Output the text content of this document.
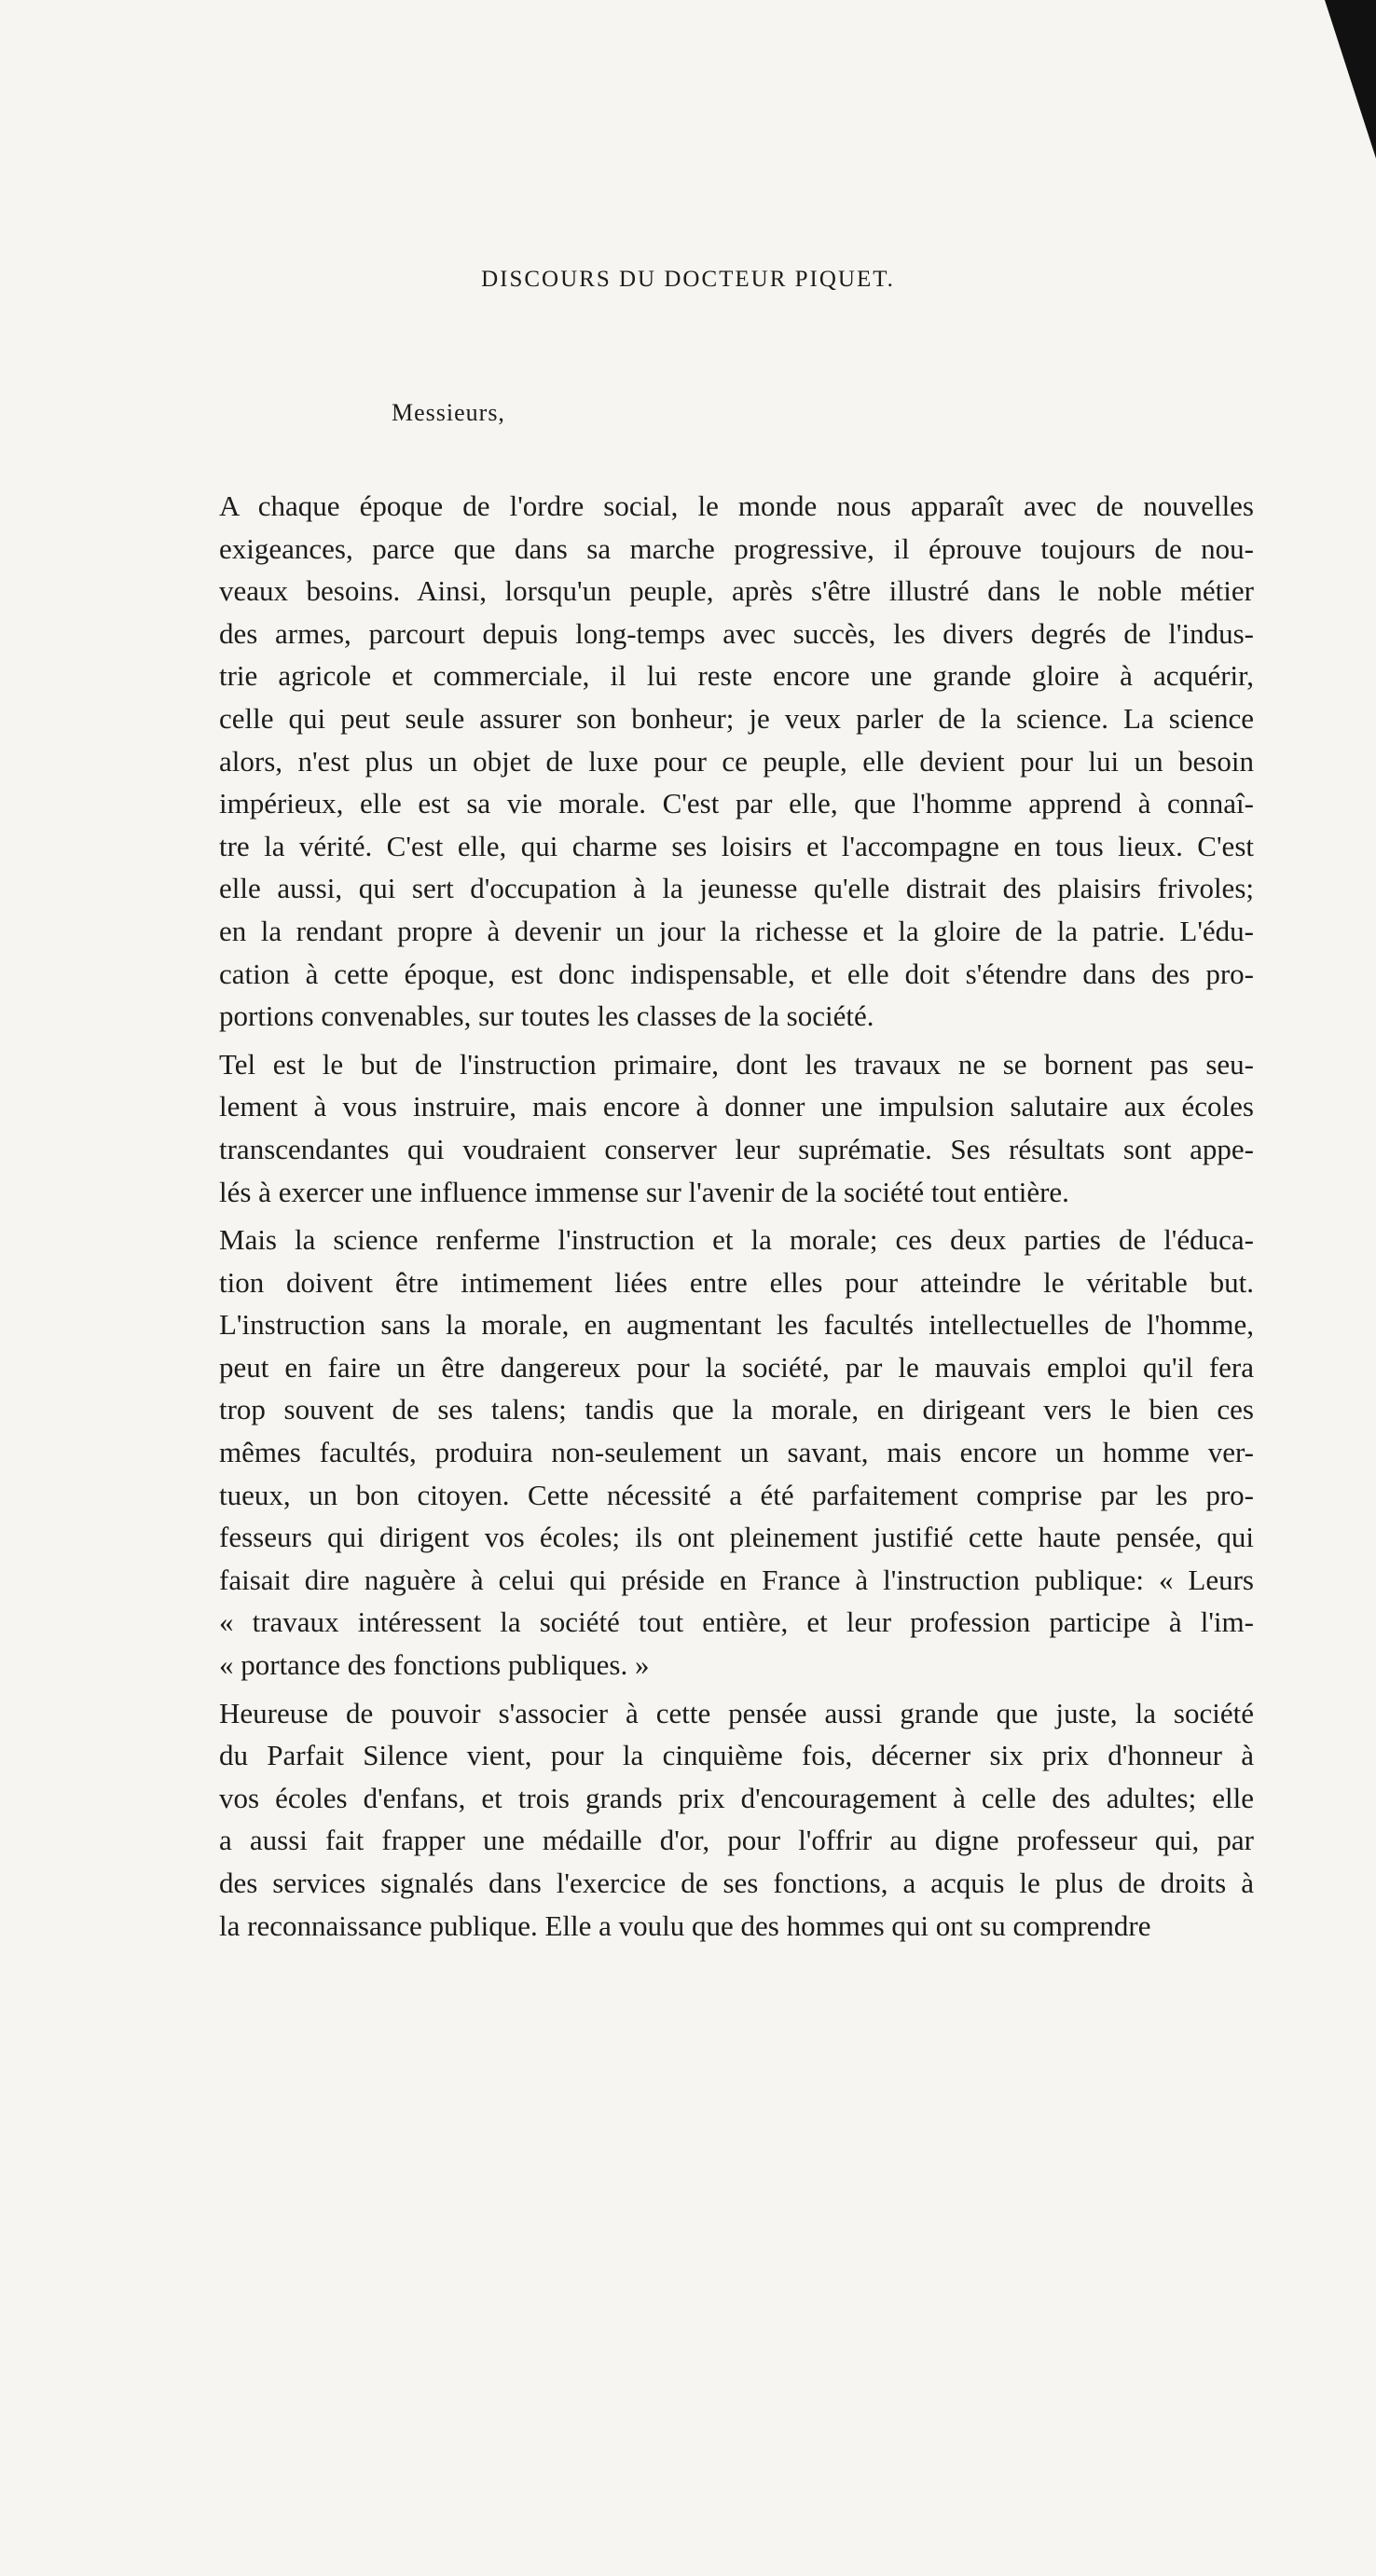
DISCOURS DU DOCTEUR PIQUET.

Messieurs,

A chaque époque de l'ordre social, le monde nous apparaît avec de nouvelles
exigeances, parce que dans sa marche progressive, il éprouve toujours de nou-
veaux besoins. Ainsi, lorsqu'un peuple, après s'être illustré dans le noble métier
des armes, parcourt depuis long-temps avec succès, les divers degrés de l'indus-
trie agricole et commerciale, il lui reste encore une grande gloire à acquérir,
celle qui peut seule assurer son bonheur; je veux parler de la science. La science
alors, n'est plus un objet de luxe pour ce peuple, elle devient pour lui un besoin
impérieux, elle est sa vie morale. C'est par elle, que l'homme apprend à connaî-
tre la vérité. C'est elle, qui charme ses loisirs et l'accompagne en tous lieux. C'est
elle aussi, qui sert d'occupation à la jeunesse qu'elle distrait des plaisirs frivoles;
en la rendant propre à devenir un jour la richesse et la gloire de la patrie. L'édu-
cation à cette époque, est donc indispensable, et elle doit s'étendre dans des pro-
portions convenables, sur toutes les classes de la société.

Tel est le but de l'instruction primaire, dont les travaux ne se bornent pas seu-
lement à vous instruire, mais encore à donner une impulsion salutaire aux écoles
transcendantes qui voudraient conserver leur suprématie. Ses résultats sont appe-
lés à exercer une influence immense sur l'avenir de la société tout entière.

Mais la science renferme l'instruction et la morale; ces deux parties de l'éduca-
tion doivent être intimement liées entre elles pour atteindre le véritable but.
L'instruction sans la morale, en augmentant les facultés intellectuelles de l'homme,
peut en faire un être dangereux pour la société, par le mauvais emploi qu'il fera
trop souvent de ses talens; tandis que la morale, en dirigeant vers le bien ces
mêmes facultés, produira non-seulement un savant, mais encore un homme ver-
tueux, un bon citoyen. Cette nécessité a été parfaitement comprise par les pro-
fesseurs qui dirigent vos écoles; ils ont pleinement justifié cette haute pensée, qui
faisait dire naguère à celui qui préside en France à l'instruction publique: « Leurs
« travaux intéressent la société tout entière, et leur profession participe à l'im-
« portance des fonctions publiques. »

Heureuse de pouvoir s'associer à cette pensée aussi grande que juste, la société
du Parfait Silence vient, pour la cinquième fois, décerner six prix d'honneur à
vos écoles d'enfans, et trois grands prix d'encouragement à celle des adultes; elle
a aussi fait frapper une médaille d'or, pour l'offrir au digne professeur qui, par
des services signalés dans l'exercice de ses fonctions, a acquis le plus de droits à
la reconnaissance publique. Elle a voulu que des hommes qui ont su comprendre
